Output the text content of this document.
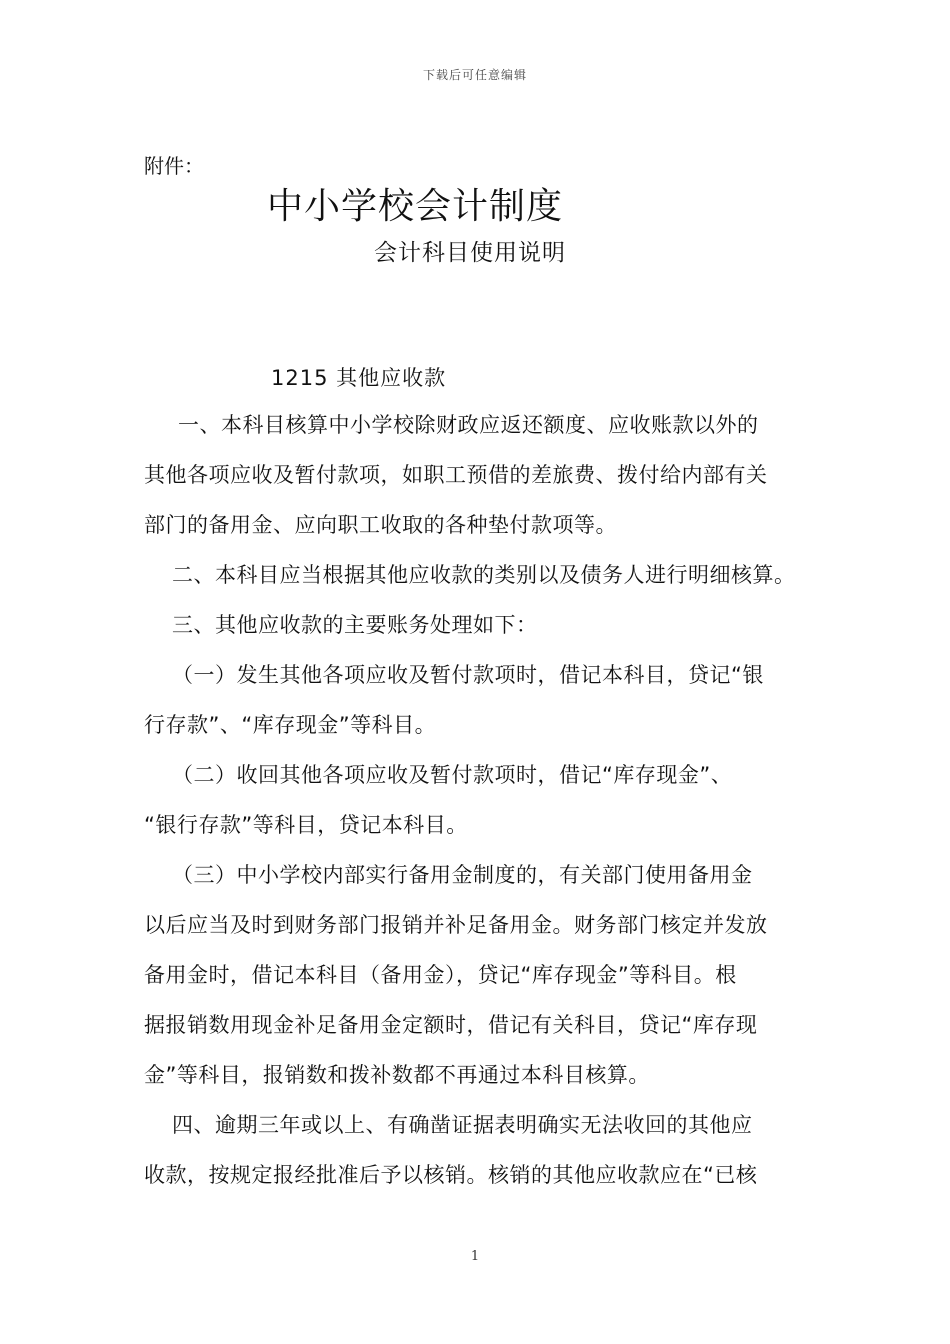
下载后可任意编辑
附件：
中小学校会计制度
会计科目使用说明
1215 其他应收款
一、本科目核算中小学校除财政应返还额度、应收账款以外的
其他各项应收及暂付款项，如职工预借的差旅费、拨付给内部有关
部门的备用金、应向职工收取的各种垫付款项等。
二、本科目应当根据其他应收款的类别以及债务人进行明细核算。
三、其他应收款的主要账务处理如下：
（一）发生其他各项应收及暂付款项时，借记本科目，贷记“银
行存款”、“库存现金”等科目。
（二）收回其他各项应收及暂付款项时，借记“库存现金”、
“银行存款”等科目，贷记本科目。
（三）中小学校内部实行备用金制度的，有关部门使用备用金
以后应当及时到财务部门报销并补足备用金。财务部门核定并发放
备用金时，借记本科目（备用金），贷记“库存现金”等科目。根
据报销数用现金补足备用金定额时，借记有关科目，贷记“库存现
金”等科目，报销数和拨补数都不再通过本科目核算。
四、逾期三年或以上、有确凿证据表明确实无法收回的其他应
收款，按规定报经批准后予以核销。核销的其他应收款应在“已核
1
